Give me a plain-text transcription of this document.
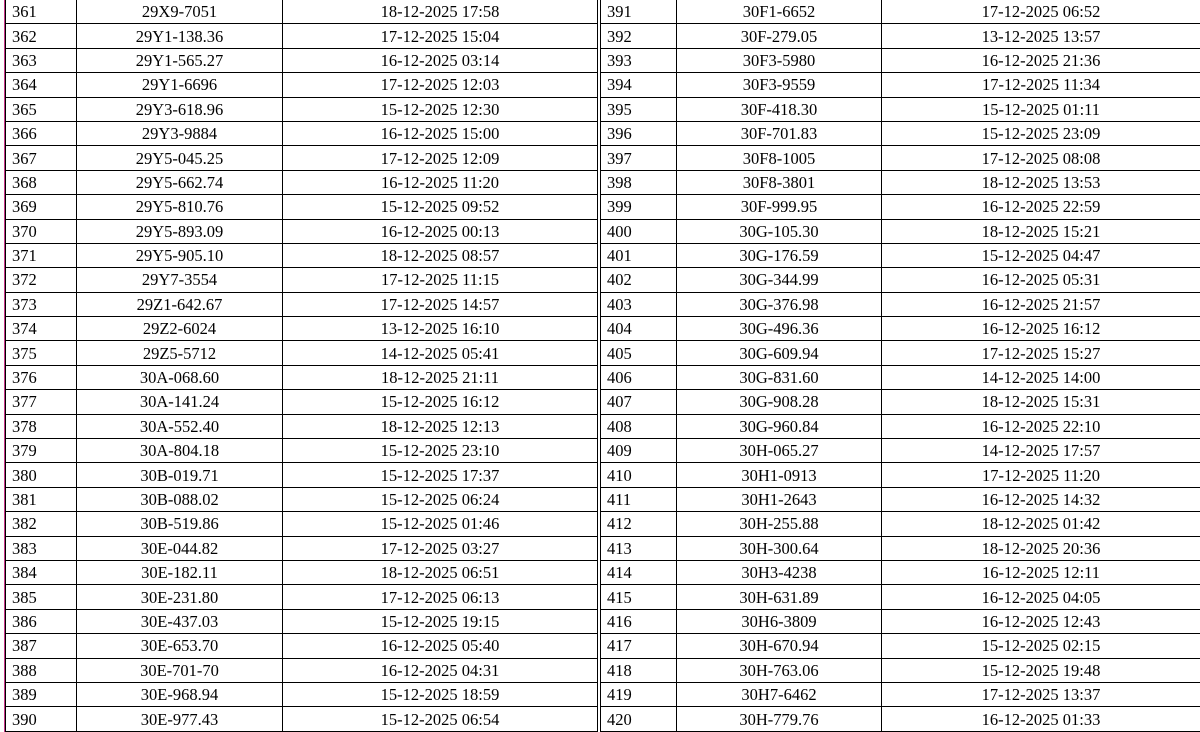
361	29X9-7051	18-12-2025 17:58
362	29Y1-138.36	17-12-2025 15:04
363	29Y1-565.27	16-12-2025 03:14
364	29Y1-6696	17-12-2025 12:03
365	29Y3-618.96	15-12-2025 12:30
366	29Y3-9884	16-12-2025 15:00
367	29Y5-045.25	17-12-2025 12:09
368	29Y5-662.74	16-12-2025 11:20
369	29Y5-810.76	15-12-2025 09:52
370	29Y5-893.09	16-12-2025 00:13
371	29Y5-905.10	18-12-2025 08:57
372	29Y7-3554	17-12-2025 11:15
373	29Z1-642.67	17-12-2025 14:57
374	29Z2-6024	13-12-2025 16:10
375	29Z5-5712	14-12-2025 05:41
376	30A-068.60	18-12-2025 21:11
377	30A-141.24	15-12-2025 16:12
378	30A-552.40	18-12-2025 12:13
379	30A-804.18	15-12-2025 23:10
380	30B-019.71	15-12-2025 17:37
381	30B-088.02	15-12-2025 06:24
382	30B-519.86	15-12-2025 01:46
383	30E-044.82	17-12-2025 03:27
384	30E-182.11	18-12-2025 06:51
385	30E-231.80	17-12-2025 06:13
386	30E-437.03	15-12-2025 19:15
387	30E-653.70	16-12-2025 05:40
388	30E-701-70	16-12-2025 04:31
389	30E-968.94	15-12-2025 18:59
390	30E-977.43	15-12-2025 06:54
391	30F1-6652	17-12-2025 06:52
392	30F-279.05	13-12-2025 13:57
393	30F3-5980	16-12-2025 21:36
394	30F3-9559	17-12-2025 11:34
395	30F-418.30	15-12-2025 01:11
396	30F-701.83	15-12-2025 23:09
397	30F8-1005	17-12-2025 08:08
398	30F8-3801	18-12-2025 13:53
399	30F-999.95	16-12-2025 22:59
400	30G-105.30	18-12-2025 15:21
401	30G-176.59	15-12-2025 04:47
402	30G-344.99	16-12-2025 05:31
403	30G-376.98	16-12-2025 21:57
404	30G-496.36	16-12-2025 16:12
405	30G-609.94	17-12-2025 15:27
406	30G-831.60	14-12-2025 14:00
407	30G-908.28	18-12-2025 15:31
408	30G-960.84	16-12-2025 22:10
409	30H-065.27	14-12-2025 17:57
410	30H1-0913	17-12-2025 11:20
411	30H1-2643	16-12-2025 14:32
412	30H-255.88	18-12-2025 01:42
413	30H-300.64	18-12-2025 20:36
414	30H3-4238	16-12-2025 12:11
415	30H-631.89	16-12-2025 04:05
416	30H6-3809	16-12-2025 12:43
417	30H-670.94	15-12-2025 02:15
418	30H-763.06	15-12-2025 19:48
419	30H7-6462	17-12-2025 13:37
420	30H-779.76	16-12-2025 01:33
